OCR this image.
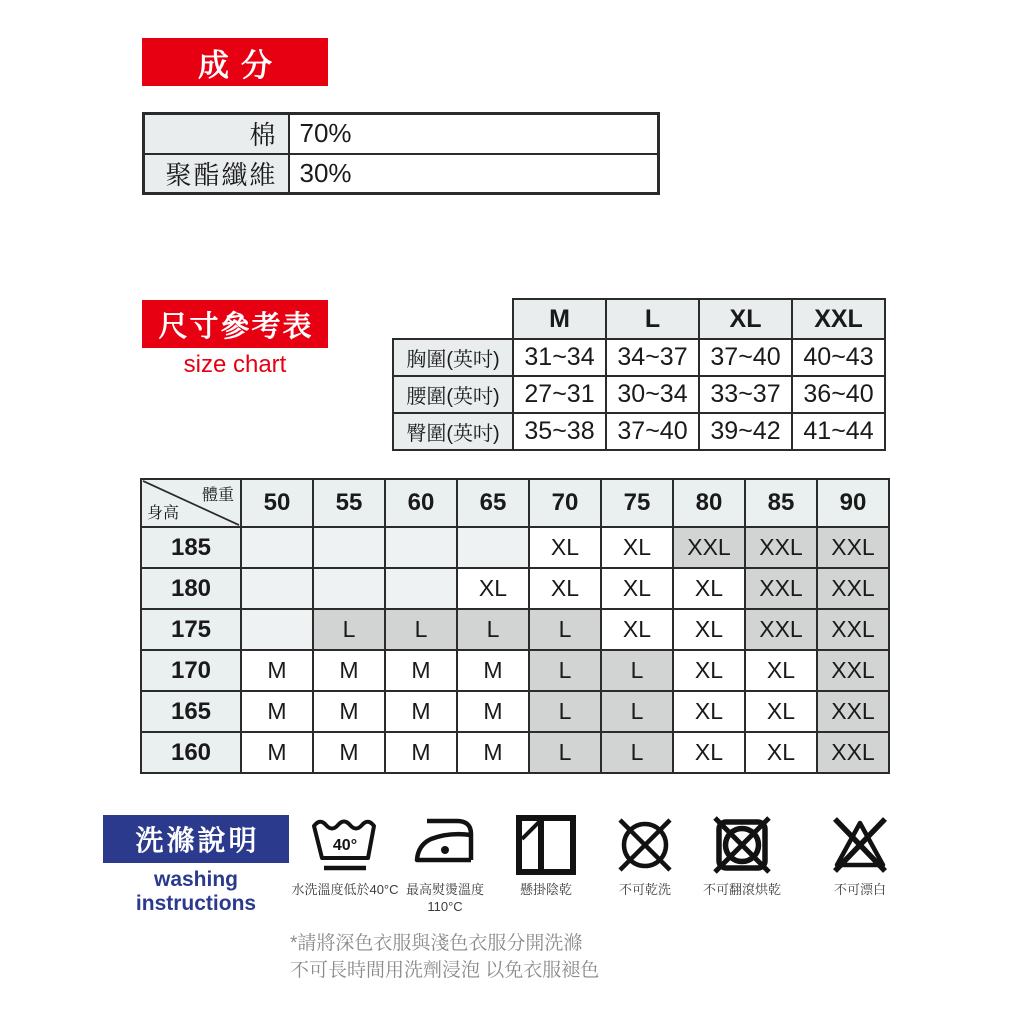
成分
棉	70%
聚酯纖維	30%
尺寸參考表
size chart
	M	L	XL	XXL
胸圍(英吋)	31~34	34~37	37~40	40~43
腰圍(英吋)	27~31	30~34	33~37	36~40
臀圍(英吋)	35~38	37~40	39~42	41~44
體重
身高	50	55	60	65	70	75	80	85	90
185					XL	XL	XXL	XXL	XXL
180				XL	XL	XL	XL	XXL	XXL
175		L	L	L	L	XL	XL	XXL	XXL
170	M	M	M	M	L	L	XL	XL	XXL
165	M	M	M	M	L	L	XL	XL	XXL
160	M	M	M	M	L	L	XL	XL	XXL
洗滌說明
washing
instructions
40°
水洗溫度低於40°C 最高熨燙溫度
110°C
懸掛陰乾	不可乾洗	不可翻滾烘乾	不可漂白
*請將深色衣服與淺色衣服分開洗滌
不可長時間用洗劑浸泡 以免衣服褪色
